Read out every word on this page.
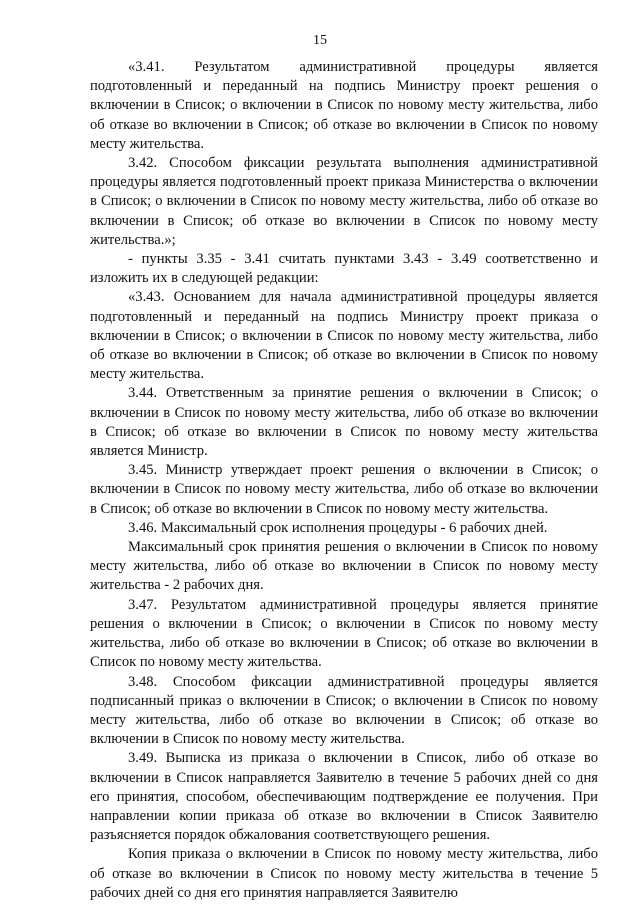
15

«3.41. Результатом административной процедуры является подготовленный и переданный на подпись Министру проект решения о включении в Список; о включении в Список по новому месту жительства, либо об отказе во включении в Список; об отказе во включении в Список по новому месту жительства.

3.42. Способом фиксации результата выполнения административной процедуры является подготовленный проект приказа Министерства о включении в Список; о включении в Список по новому месту жительства, либо об отказе во включении в Список; об отказе во включении в Список по новому месту жительства.»;

- пункты 3.35 - 3.41 считать пунктами 3.43 - 3.49 соответственно и изложить их в следующей редакции:

«3.43. Основанием для начала административной процедуры является подготовленный и переданный на подпись Министру проект приказа о включении в Список; о включении в Список по новому месту жительства, либо об отказе во включении в Список; об отказе во включении в Список по новому месту жительства.

3.44. Ответственным за принятие решения о включении в Список; о включении в Список по новому месту жительства, либо об отказе во включении в Список; об отказе во включении в Список по новому месту жительства является Министр.

3.45. Министр утверждает проект решения о включении в Список; о включении в Список по новому месту жительства, либо об отказе во включении в Список; об отказе во включении в Список по новому месту жительства.

3.46. Максимальный срок исполнения процедуры - 6 рабочих дней.

Максимальный срок принятия решения о включении в Список по новому месту жительства, либо об отказе во включении в Список по новому месту жительства - 2 рабочих дня.

3.47. Результатом административной процедуры является принятие решения о включении в Список; о включении в Список по новому месту жительства, либо об отказе во включении в Список; об отказе во включении в Список по новому месту жительства.

3.48. Способом фиксации административной процедуры является подписанный приказ о включении в Список; о включении в Список по новому месту жительства, либо об отказе во включении в Список; об отказе во включении в Список по новому месту жительства.

3.49. Выписка из приказа о включении в Список, либо об отказе во включении в Список направляется Заявителю в течение 5 рабочих дней со дня его принятия, способом, обеспечивающим подтверждение ее получения. При направлении копии приказа об отказе во включении в Список Заявителю разъясняется порядок обжалования соответствующего решения.

Копия приказа о включении в Список по новому месту жительства, либо об отказе во включении в Список по новому месту жительства в течение 5 рабочих дней со дня его принятия направляется Заявителю
